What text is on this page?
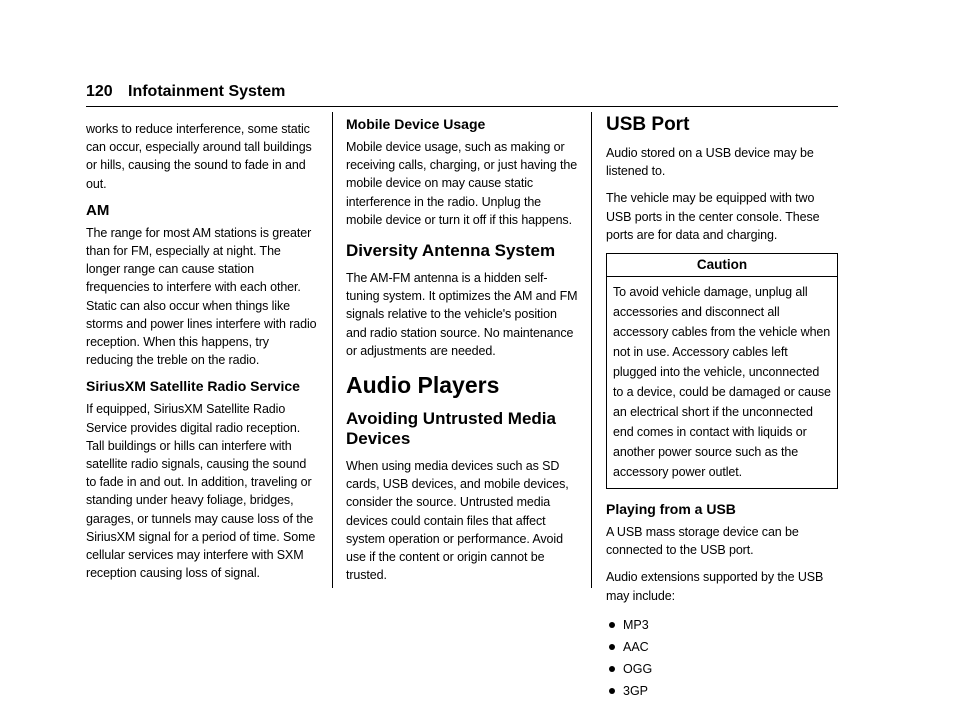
120 Infotainment System

works to reduce interference, some static can occur, especially around tall buildings or hills, causing the sound to fade in and out.

AM

The range for most AM stations is greater than for FM, especially at night. The longer range can cause station frequencies to interfere with each other. Static can also occur when things like storms and power lines interfere with radio reception. When this happens, try reducing the treble on the radio.

SiriusXM Satellite Radio Service

If equipped, SiriusXM Satellite Radio Service provides digital radio reception. Tall buildings or hills can interfere with satellite radio signals, causing the sound to fade in and out. In addition, traveling or standing under heavy foliage, bridges, garages, or tunnels may cause loss of the SiriusXM signal for a period of time. Some cellular services may interfere with SXM reception causing loss of signal.

Mobile Device Usage

Mobile device usage, such as making or receiving calls, charging, or just having the mobile device on may cause static interference in the radio. Unplug the mobile device or turn it off if this happens.

Diversity Antenna System

The AM-FM antenna is a hidden self-tuning system. It optimizes the AM and FM signals relative to the vehicle's position and radio station source. No maintenance or adjustments are needed.

Audio Players
Avoiding Untrusted Media Devices

When using media devices such as SD cards, USB devices, and mobile devices, consider the source. Untrusted media devices could contain files that affect system operation or performance. Avoid use if the content or origin cannot be trusted.

USB Port

Audio stored on a USB device may be listened to.

The vehicle may be equipped with two USB ports in the center console. These ports are for data and charging.

Caution

To avoid vehicle damage, unplug all accessories and disconnect all accessory cables from the vehicle when not in use. Accessory cables left plugged into the vehicle, unconnected to a device, could be damaged or cause an electrical short if the unconnected end comes in contact with liquids or another power source such as the accessory power outlet.

Playing from a USB

A USB mass storage device can be connected to the USB port.

Audio extensions supported by the USB may include:

MP3
AAC
OGG
3GP
